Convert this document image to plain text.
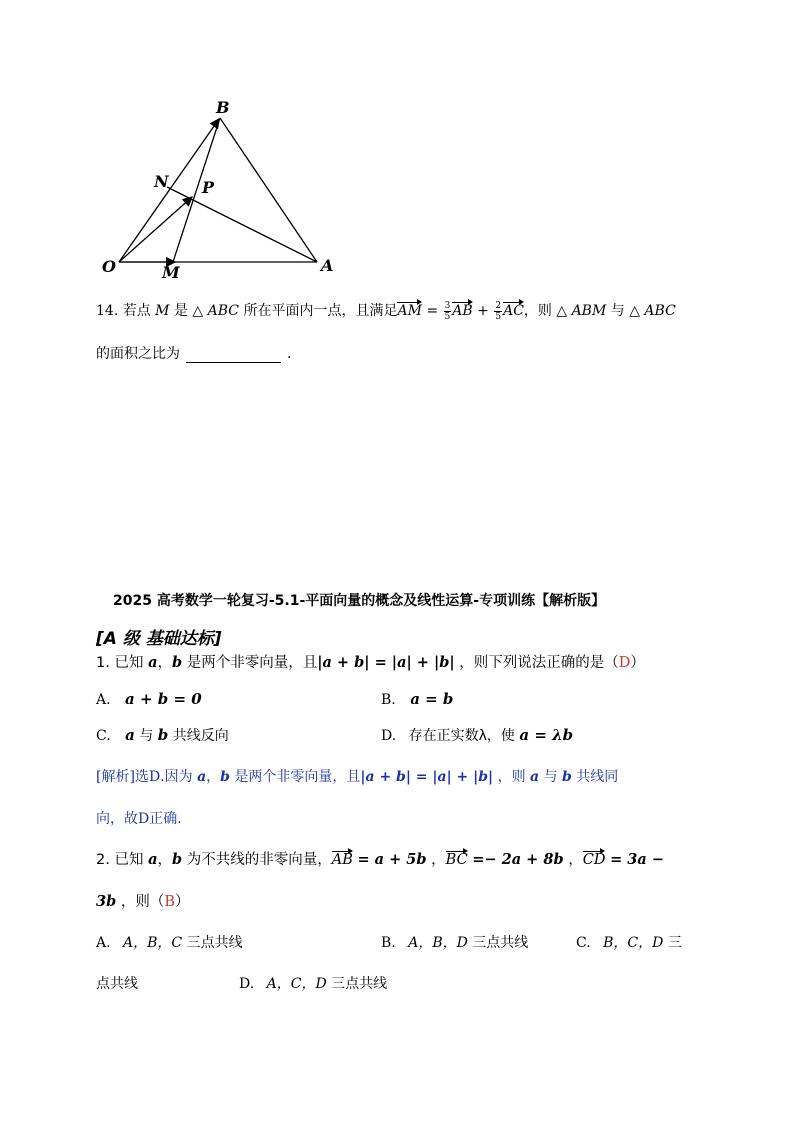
B
N P
O	M	A
14. 若点 M 是 △ ABC 所在平面内一点，且满足AM = $\frac{3}{5}$ AB + $\frac{2}{5}$ AC，则 △ ABM 与 △ ABC
的面积之比为	.
2025 高考数学一轮复习-5.1-平面向量的概念及线性运算-专项训练【解析版】
[A 级 基础达标]
1. 已知 a，b 是两个非零向量，且|a + b| = |a| + |b| ，则下列说法正确的是（D）
A. a + b = 0	B. a = b
C. a 与 b 共线反向	D. 存在正实数λ，使 a = λb
[解析]选D.因为 a，b 是两个非零向量，且|a + b| = |a| + |b| ，则 a 与 b 共线同
向，故D正确.
2. 已知 a，b 为不共线的非零向量，AB = a + 5b ，BC =− 2a + 8b ，CD = 3a −
3b ，则（B）
A. A，B，C 三点共线	B. A，B，D 三点共线	C. B，C，D 三
点共线	D. A，C，D 三点共线
